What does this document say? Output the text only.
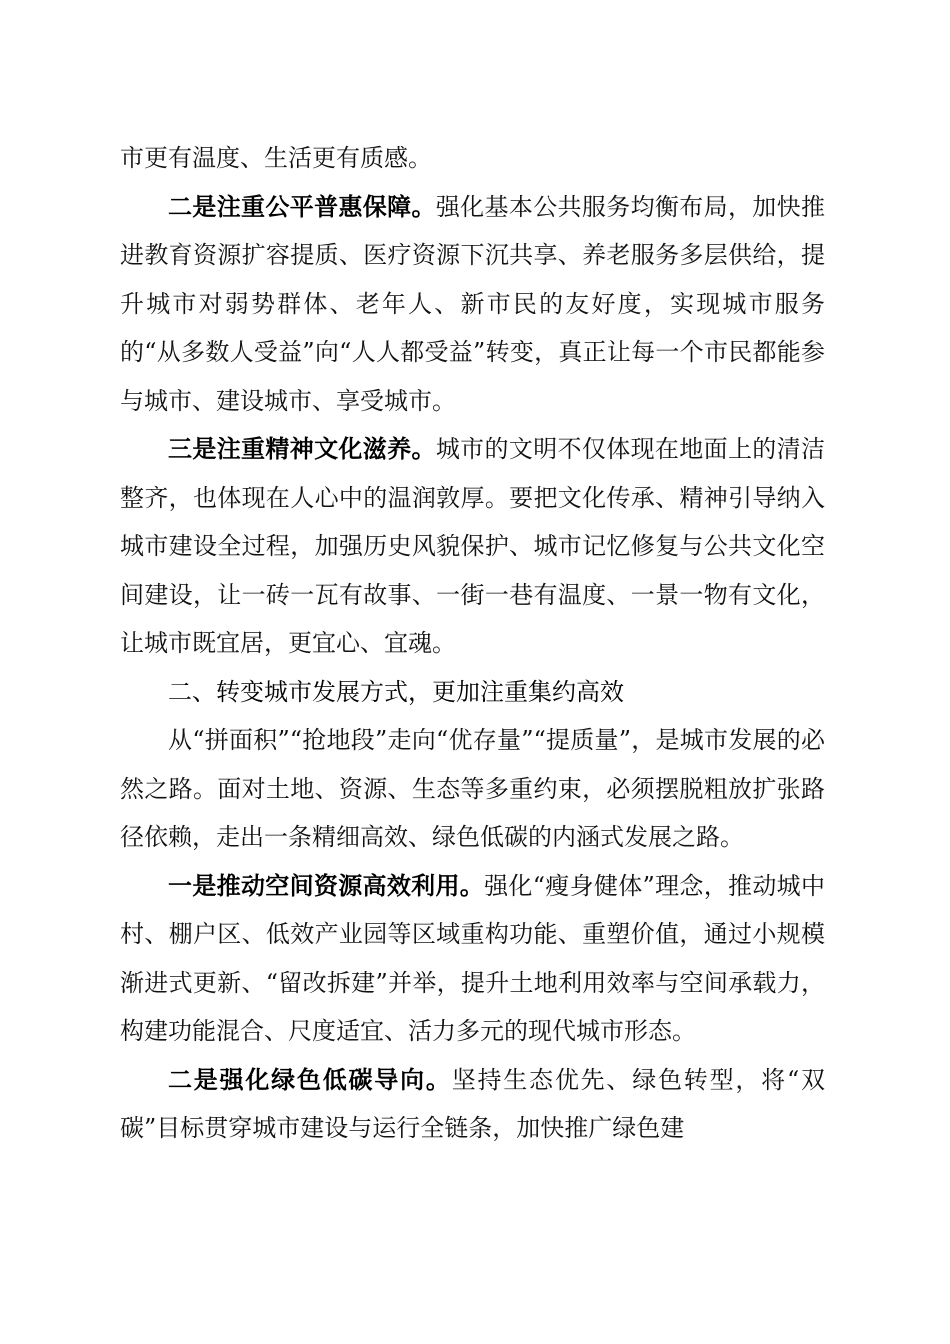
市更有温度、生活更有质感。

二是注重公平普惠保障。强化基本公共服务均衡布局，加快推进教育资源扩容提质、医疗资源下沉共享、养老服务多层供给，提升城市对弱势群体、老年人、新市民的友好度，实现城市服务的“从多数人受益”向“人人都受益”转变，真正让每一个市民都能参与城市、建设城市、享受城市。

三是注重精神文化滋养。城市的文明不仅体现在地面上的清洁整齐，也体现在人心中的温润敦厚。要把文化传承、精神引导纳入城市建设全过程，加强历史风貌保护、城市记忆修复与公共文化空间建设，让一砖一瓦有故事、一街一巷有温度、一景一物有文化，让城市既宜居，更宜心、宜魂。

二、转变城市发展方式，更加注重集约高效

从“拼面积”“抢地段”走向“优存量”“提质量”，是城市发展的必然之路。面对土地、资源、生态等多重约束，必须摆脱粗放扩张路径依赖，走出一条精细高效、绿色低碳的内涵式发展之路。

一是推动空间资源高效利用。强化“瘦身健体”理念，推动城中村、棚户区、低效产业园等区域重构功能、重塑价值，通过小规模渐进式更新、“留改拆建”并举，提升土地利用效率与空间承载力，构建功能混合、尺度适宜、活力多元的现代城市形态。

二是强化绿色低碳导向。坚持生态优先、绿色转型，将“双碳”目标贯穿城市建设与运行全链条，加快推广绿色建
